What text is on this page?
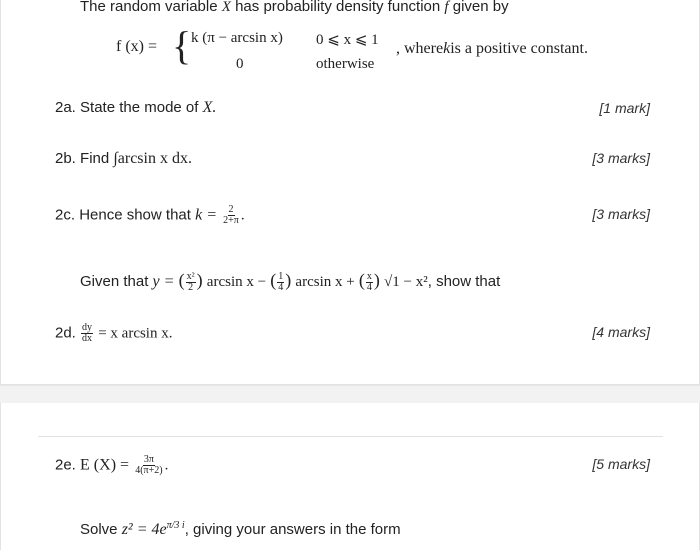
The random variable X has probability density function f given by
f (x) = { k (π − arcsin x) 0 ⩽ x ⩽ 1
0	otherwise
, wherekis a positive constant.
2a. State the mode of X.	[1 mark]
2b. Find ∫arcsin x dx.	[3 marks]
2c. Hence show that $k = \frac{2}{2+\pi}$ .	[3 marks]
Given that y = ( $\frac{\text{x²}}{2}$ ) arcsin x − ( $\frac{1}{4}$ ) arcsin x + ( $\frac{x}{4}$ ) √1 − x², show that
2d. $\frac{dy}{dx} = x$ arcsin x.	[4 marks]
2e. E $(X) = \frac{3\pi}{4(\pi+2)}$ .	[5 marks]
Solve $z^2 = 4e^{\pi/3 i}$, giving your answers in the form
